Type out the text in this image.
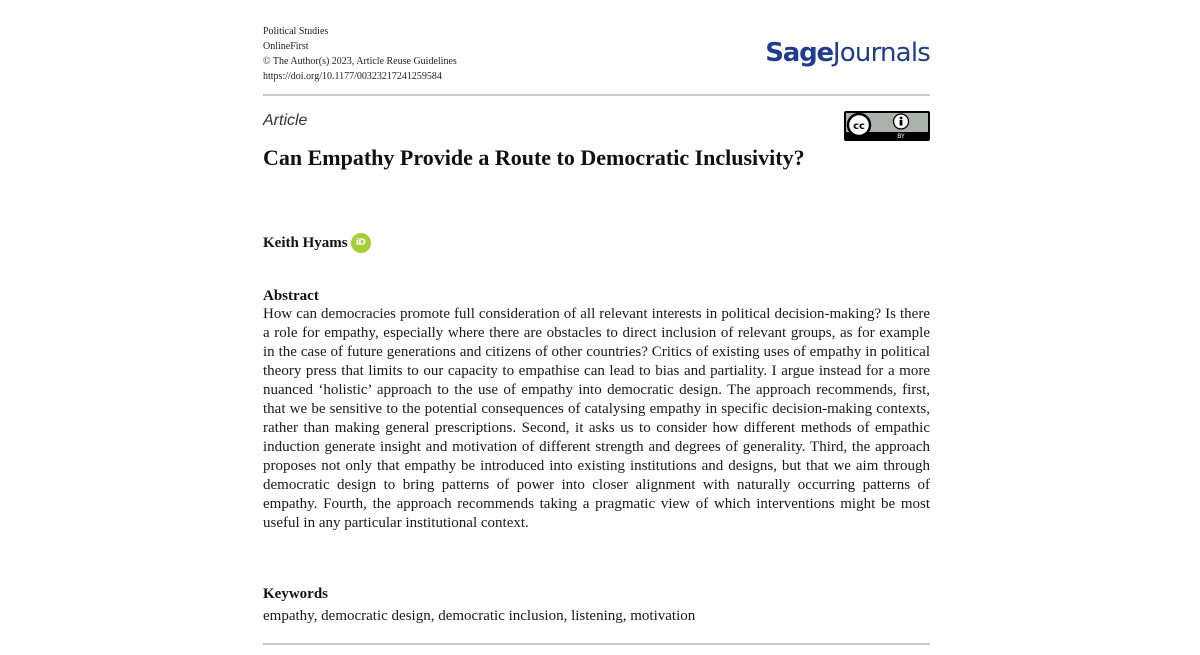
Political Studies
OnlineFirst
© The Author(s) 2023, Article Reuse Guidelines
https://doi.org/10.1177/00323217241259584
SageJournals
Article
BY
cc
Can Empathy Provide a Route to Democratic Inclusivity?
Keith Hyams iD
Abstract

How can democracies promote full consideration of all relevant interests in political decision-making? Is there a role for empathy, especially where there are obstacles to direct inclusion of relevant groups, as for example in the case of future generations and citizens of other countries? Critics of existing uses of empathy in political theory press that limits to our capacity to empathise can lead to bias and partiality. I argue instead for a more nuanced ‘holistic’ approach to the use of empathy into democratic design. The approach recommends, first, that we be sensitive to the potential consequences of catalysing empathy in specific decision-making contexts, rather than making general prescriptions. Second, it asks us to consider how different methods of empathic induction generate insight and motivation of different strength and degrees of generality. Third, the approach proposes not only that empathy be introduced into existing institutions and designs, but that we aim through democratic design to bring patterns of power into closer alignment with naturally occurring patterns of empathy. Fourth, the approach recommends taking a pragmatic view of which interventions might be most useful in any particular institutional context.

Keywords
empathy, democratic design, democratic inclusion, listening, motivation
